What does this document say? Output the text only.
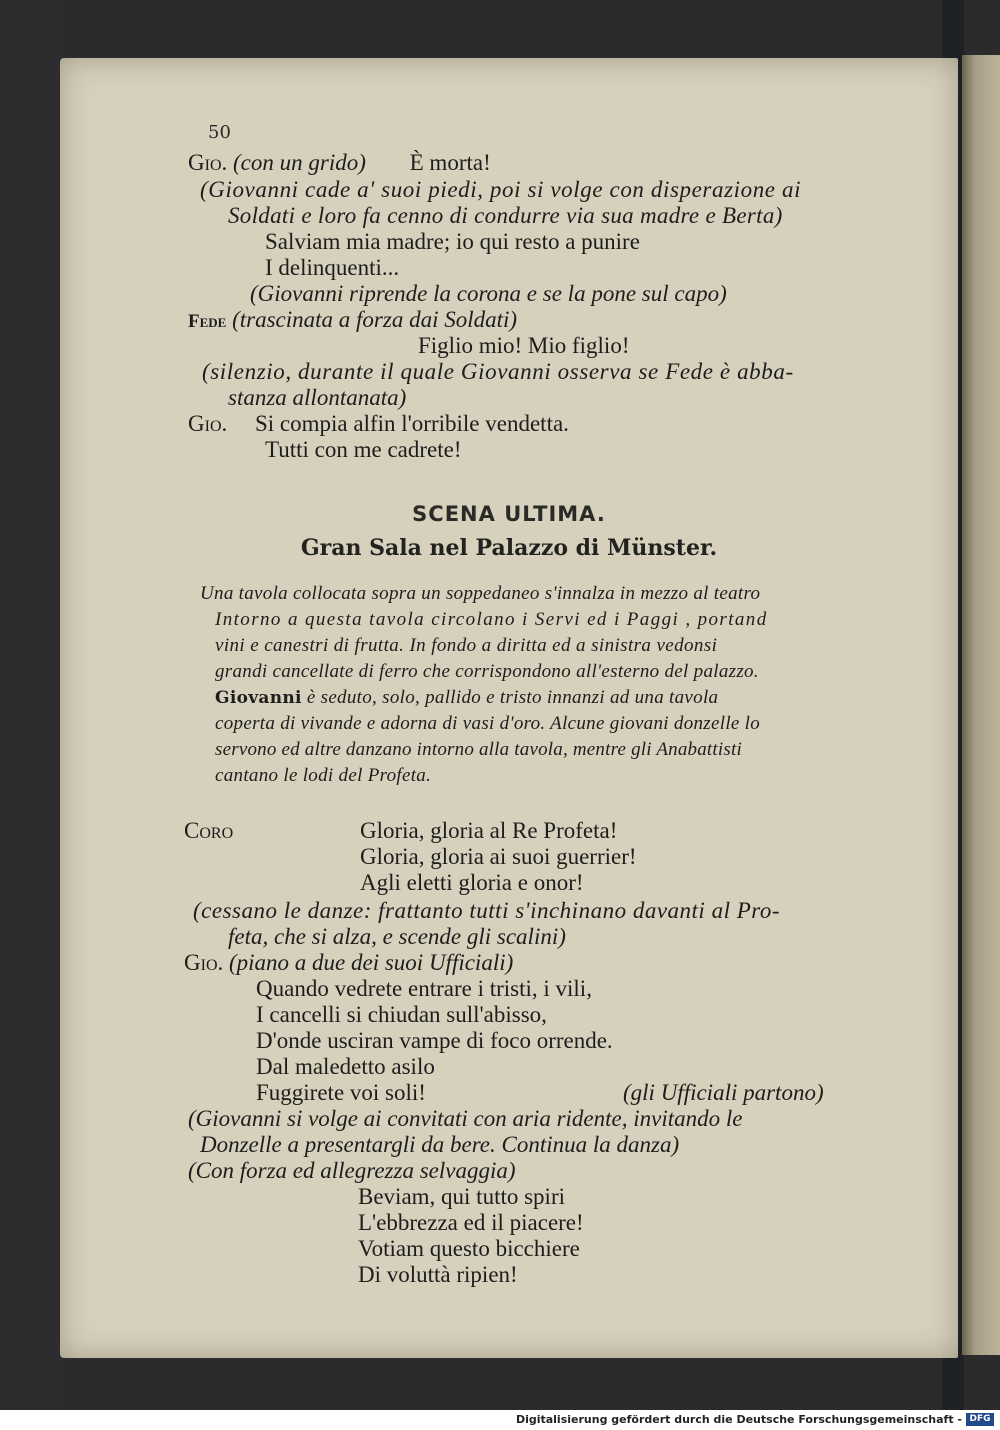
50
Gio. (con un grido) È morta!
(Giovanni cade a' suoi piedi, poi si volge con disperazione ai
Soldati e loro fa cenno di condurre via sua madre e Berta)
Salviam mia madre; io qui resto a punire
I delinquenti...
(Giovanni riprende la corona e se la pone sul capo)
Fede (trascinata a forza dai Soldati)
Figlio mio! Mio figlio!
(silenzio, durante il quale Giovanni osserva se Fede è abba-
stanza allontanata)
Gio. Si compia alfin l'orribile vendetta.
Tutti con me cadrete!
SCENA ULTIMA.
Gran Sala nel Palazzo di Münster.
Una tavola collocata sopra un soppedaneo s'innalza in mezzo al teatro
Intorno a questa tavola circolano i Servi ed i Paggi , portand
vini e canestri di frutta. In fondo a diritta ed a sinistra vedonsi
grandi cancellate di ferro che corrispondono all'esterno del palazzo.
Giovanni è seduto, solo, pallido e tristo innanzi ad una tavola
coperta di vivande e adorna di vasi d'oro. Alcune giovani donzelle lo
servono ed altre danzano intorno alla tavola, mentre gli Anabattisti
cantano le lodi del Profeta.
Coro	Gloria, gloria al Re Profeta!
Gloria, gloria ai suoi guerrier!
Agli eletti gloria e onor!
(cessano le danze: frattanto tutti s'inchinano davanti al Pro-
feta, che si alza, e scende gli scalini)
Gio. (piano a due dei suoi Ufficiali)
Quando vedrete entrare i tristi, i vili,
I cancelli si chiudan sull'abisso,
D'onde usciran vampe di foco orrende.
Dal maledetto asilo
Fuggirete voi soli!	(gli Ufficiali partono)
(Giovanni si volge ai convitati con aria ridente, invitando le
Donzelle a presentargli da bere. Continua la danza)
(Con forza ed allegrezza selvaggia)
Beviam, qui tutto spiri
L'ebbrezza ed il piacere!
Votiam questo bicchiere
Di voluttà ripien!
Digitalisierung gefördert durch die Deutsche Forschungsgemeinschaft - DFG
